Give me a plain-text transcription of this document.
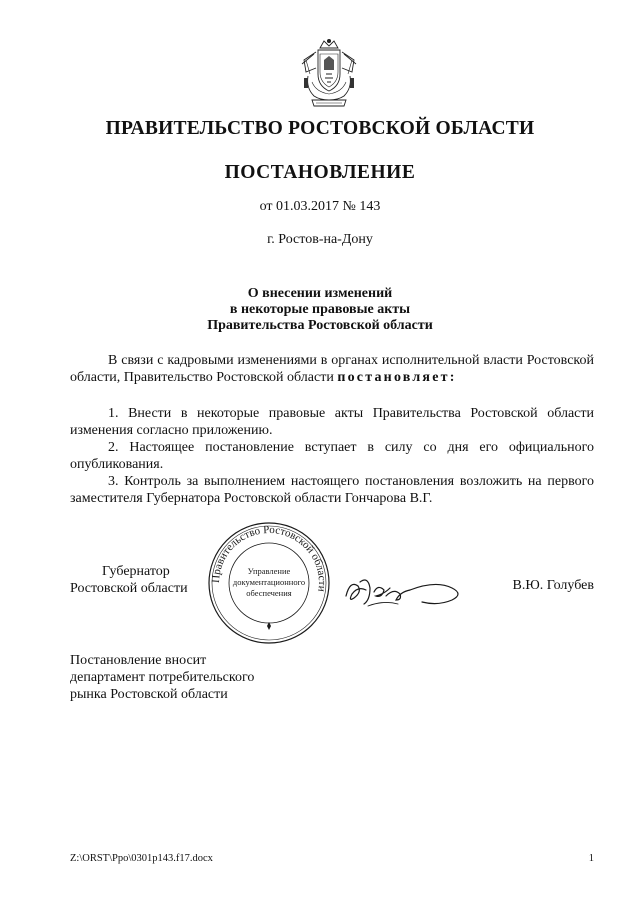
ПРАВИТЕЛЬСТВО РОСТОВСКОЙ ОБЛАСТИ
ПОСТАНОВЛЕНИЕ
от 01.03.2017 № 143
г. Ростов-на-Дону
О внесении изменений
в некоторые правовые акты
Правительства Ростовской области
В связи с кадровыми изменениями в органах исполнительной власти Ростовской области, Правительство Ростовской области постановляет:

1. Внести в некоторые правовые акты Правительства Ростовской области изменения согласно приложению.

2. Настоящее постановление вступает в силу со дня его официального опубликования.

3. Контроль за выполнением настоящего постановления возложить на первого заместителя Губернатора Ростовской области Гончарова В.Г.

Губернатор
Ростовской области
Правительство Ростовской области
Управление
документационного
обеспечения	В.Ю. Голубев
Постановление вносит
департамент потребительского
рынка Ростовской области
Z:\ORST\Ppo\0301p143.f17.docx	1
